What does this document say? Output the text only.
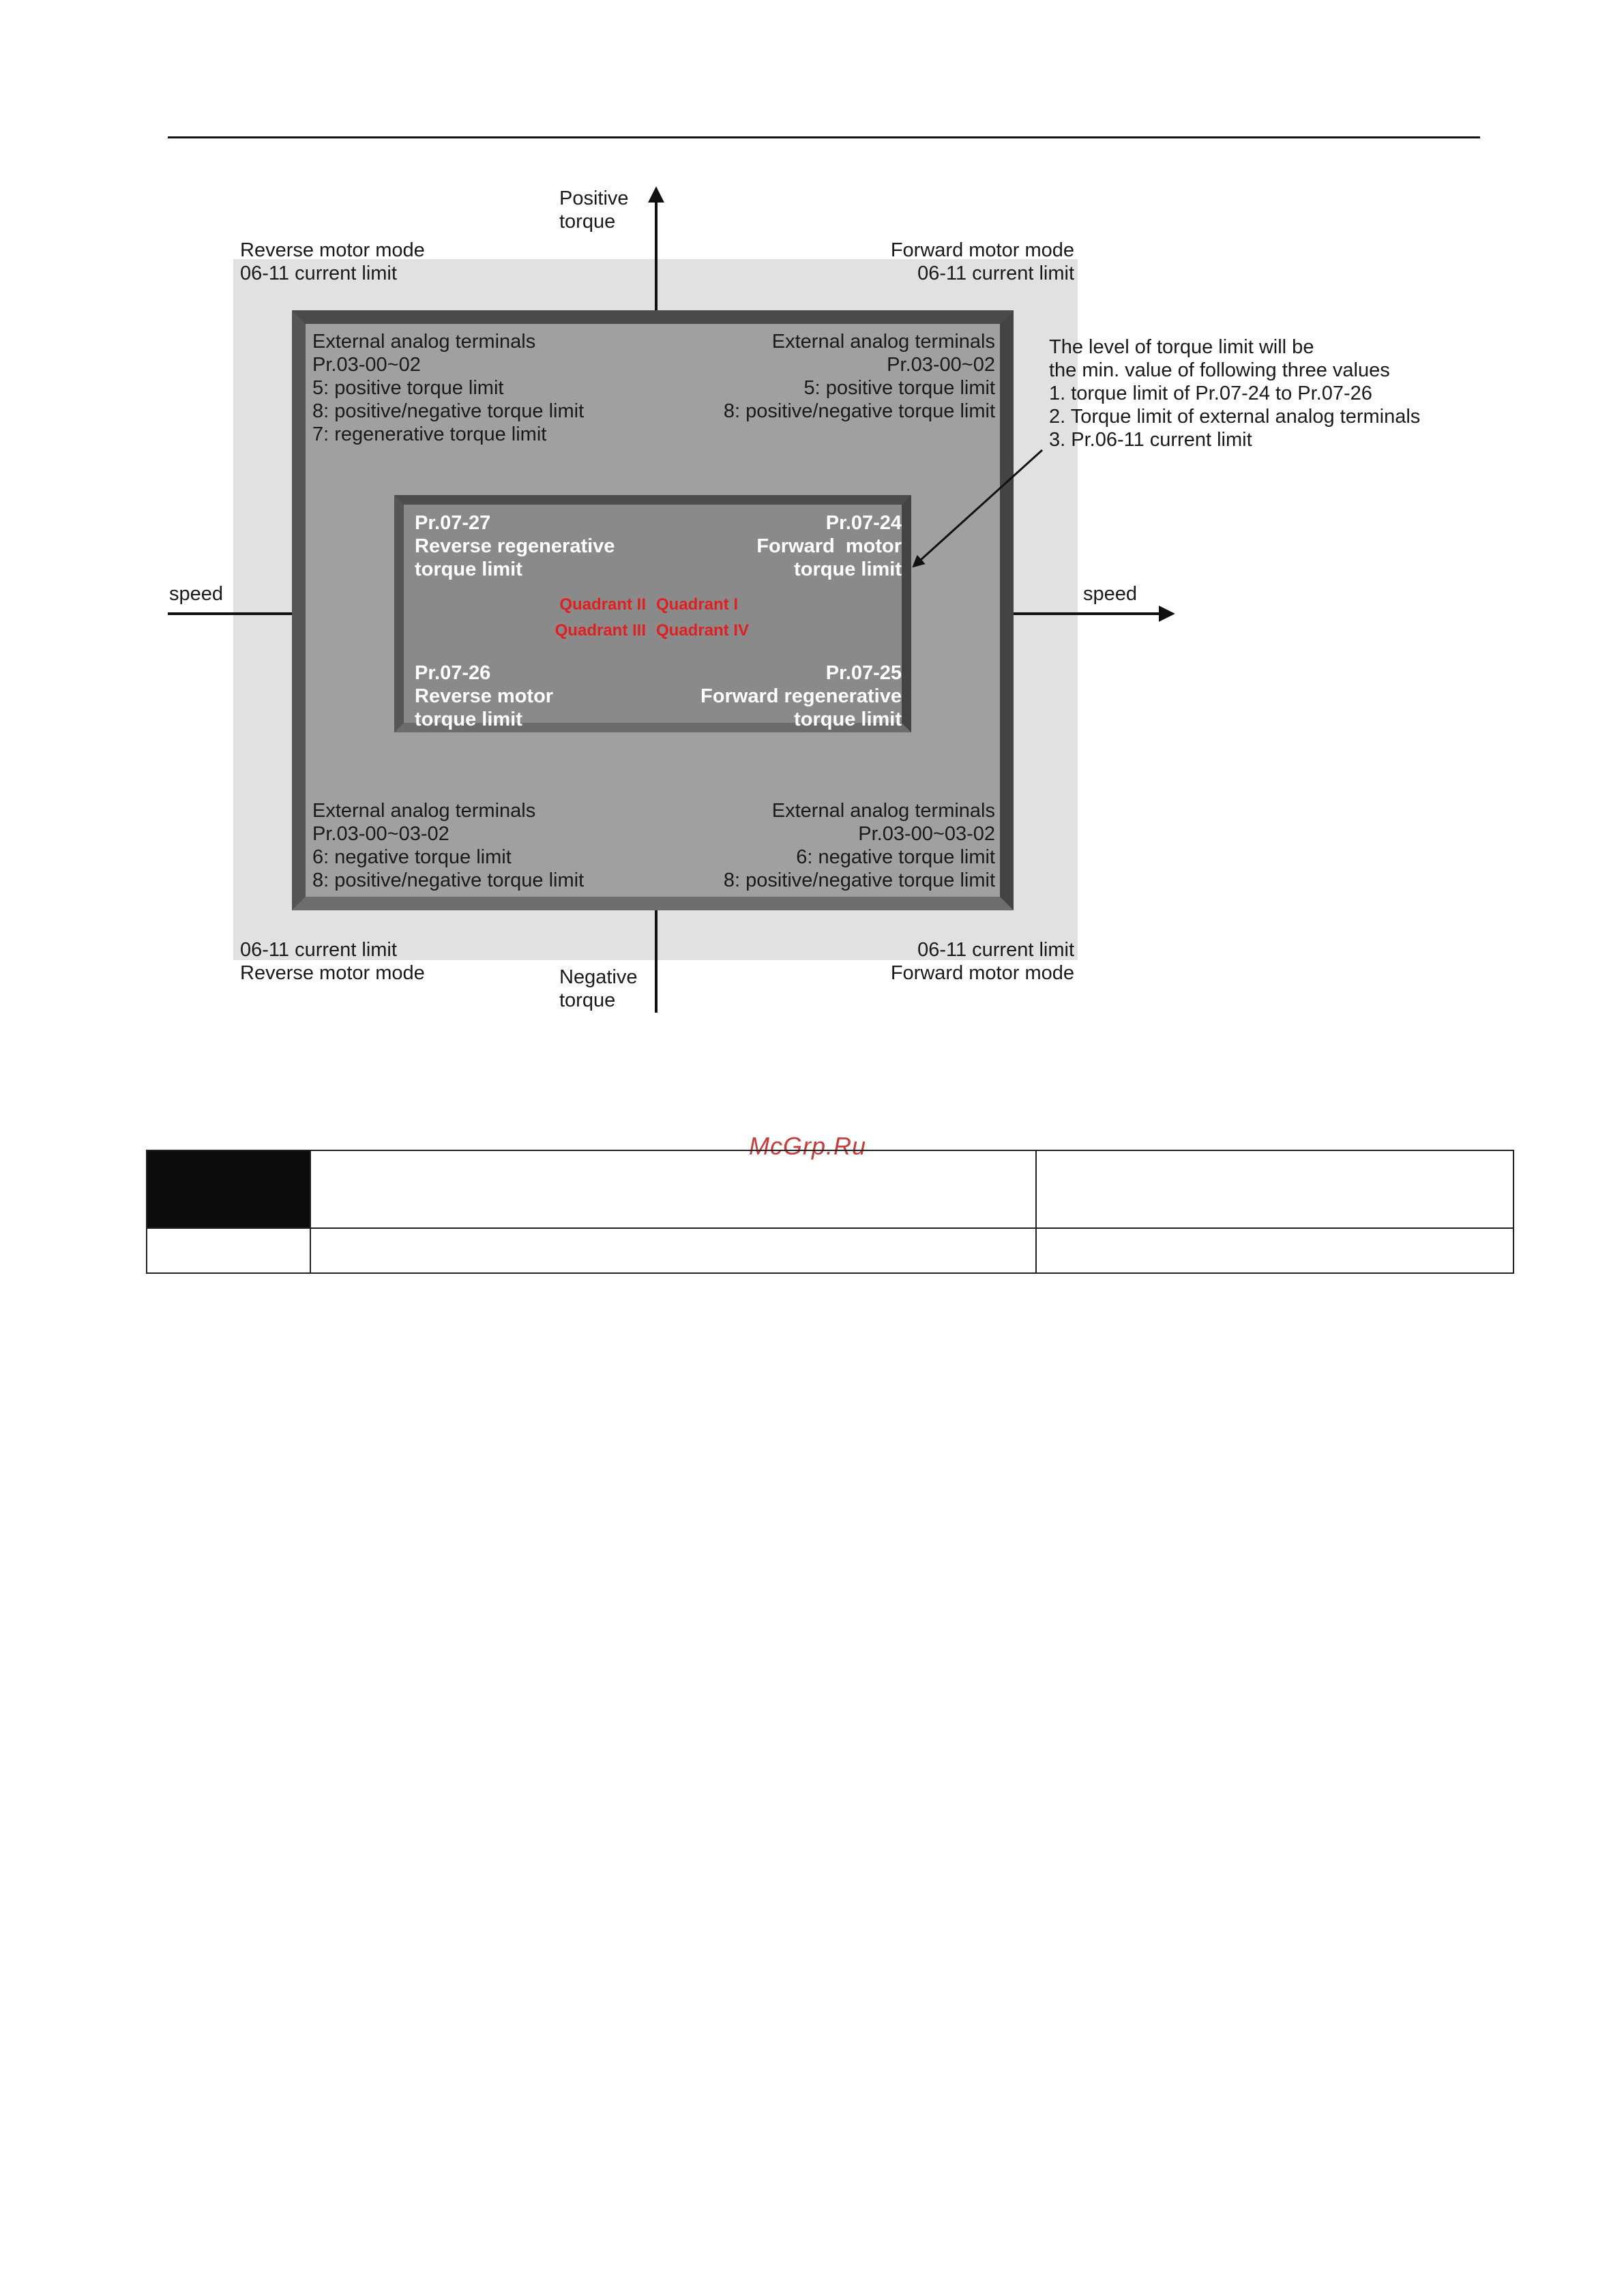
Positive
torque
Negative
torque
speed	speed
Reverse motor mode
06-11 current limit
Forward motor mode
06-11 current limit
06-11 current limit
Reverse motor mode
06-11 current limit
Forward motor mode
External analog terminals
Pr.03-00~02
5: positive torque limit
8: positive/negative torque limit
7: regenerative torque limit
External analog terminals
Pr.03-00~02
5: positive torque limit
8: positive/negative torque limit
External analog terminals
Pr.03-00~03-02
6: negative torque limit
8: positive/negative torque limit
External analog terminals
Pr.03-00~03-02
6: negative torque limit
8: positive/negative torque limit
Pr.07-27
Reverse regenerative
torque limit
Pr.07-24
Forward  motor
torque limit
Pr.07-26
Reverse motor
torque limit
Pr.07-25
Forward regenerative
torque limit
Quadrant II Quadrant I
Quadrant III Quadrant IV
The level of torque limit will be
the min. value of following three values
1. torque limit of Pr.07-24 to Pr.07-26
2. Torque limit of external analog terminals
3. Pr.06-11 current limit
McGrp.Ru
